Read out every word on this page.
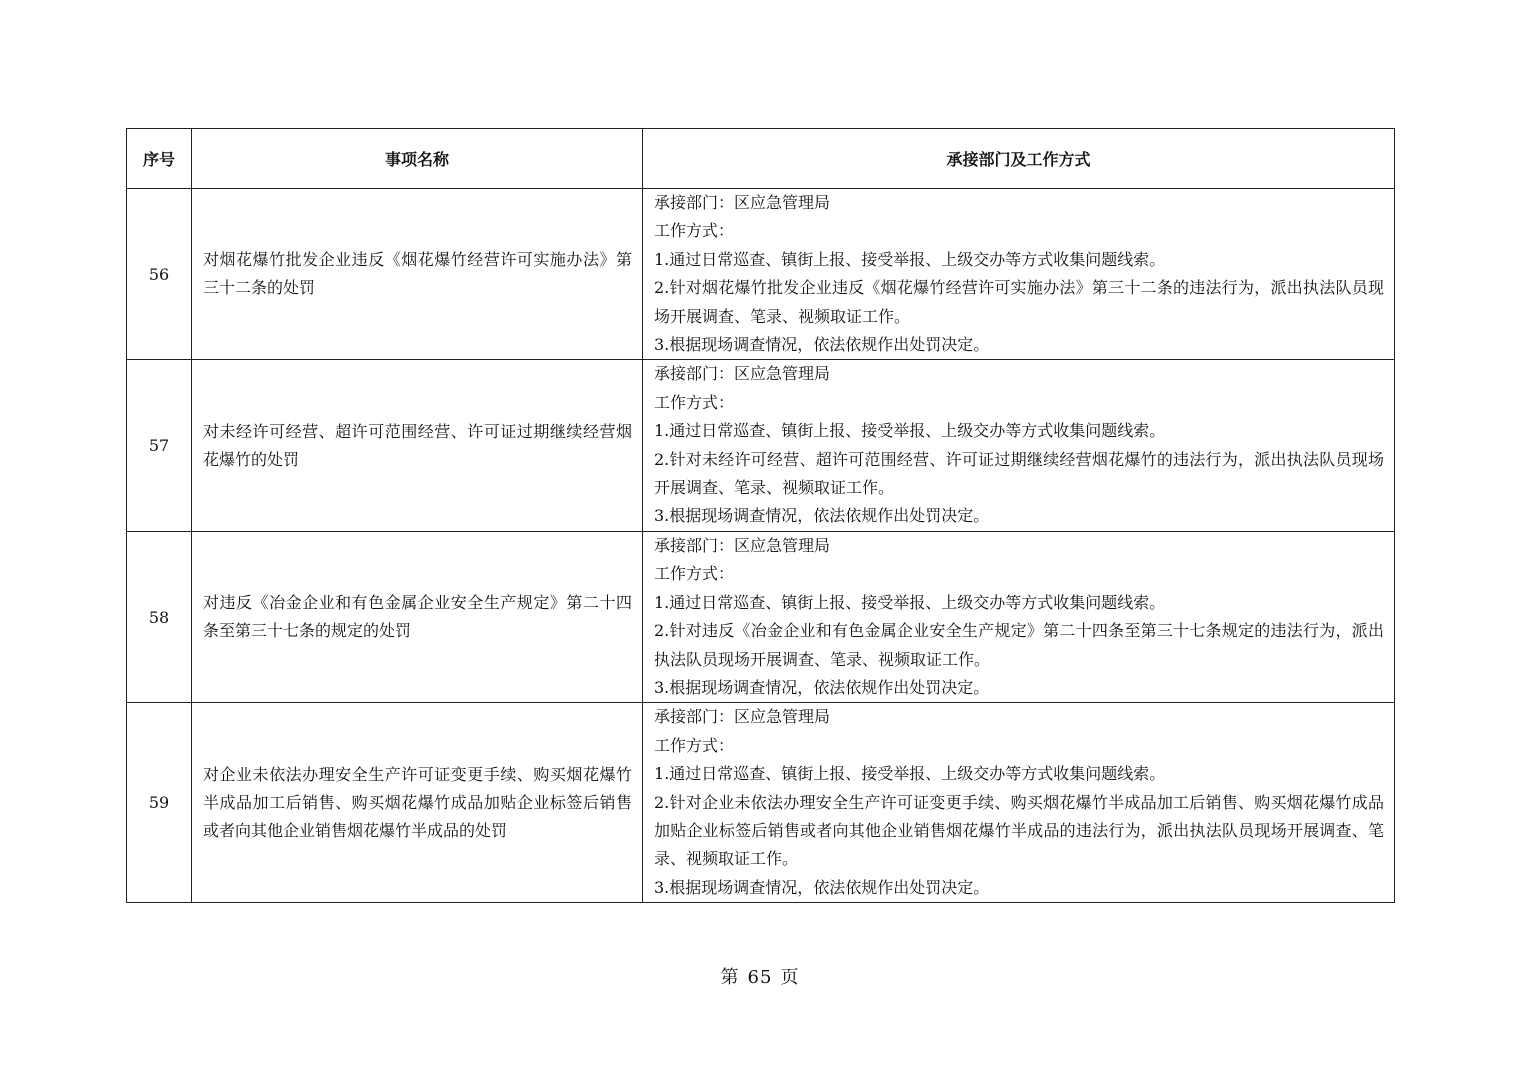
序号	事项名称	承接部门及工作方式
56	对烟花爆竹批发企业违反《烟花爆竹经营许可实施办法》第三十二条的处罚	承接部门：区应急管理局

工作方式：

1.通过日常巡查、镇街上报、接受举报、上级交办等方式收集问题线索。

2.针对烟花爆竹批发企业违反《烟花爆竹经营许可实施办法》第三十二条的违法行为，派出执法队员现场开展调查、笔录、视频取证工作。

3.根据现场调查情况，依法依规作出处罚决定。

57	对未经许可经营、超许可范围经营、许可证过期继续经营烟花爆竹的处罚	承接部门：区应急管理局

工作方式：

1.通过日常巡查、镇街上报、接受举报、上级交办等方式收集问题线索。

2.针对未经许可经营、超许可范围经营、许可证过期继续经营烟花爆竹的违法行为，派出执法队员现场开展调查、笔录、视频取证工作。

3.根据现场调查情况，依法依规作出处罚决定。

58	对违反《冶金企业和有色金属企业安全生产规定》第二十四条至第三十七条的规定的处罚	承接部门：区应急管理局

工作方式：

1.通过日常巡查、镇街上报、接受举报、上级交办等方式收集问题线索。

2.针对违反《冶金企业和有色金属企业安全生产规定》第二十四条至第三十七条规定的违法行为，派出执法队员现场开展调查、笔录、视频取证工作。

3.根据现场调查情况，依法依规作出处罚决定。

59	对企业未依法办理安全生产许可证变更手续、购买烟花爆竹半成品加工后销售、购买烟花爆竹成品加贴企业标签后销售或者向其他企业销售烟花爆竹半成品的处罚	承接部门：区应急管理局

工作方式：

1.通过日常巡查、镇街上报、接受举报、上级交办等方式收集问题线索。

2.针对企业未依法办理安全生产许可证变更手续、购买烟花爆竹半成品加工后销售、购买烟花爆竹成品加贴企业标签后销售或者向其他企业销售烟花爆竹半成品的违法行为，派出执法队员现场开展调查、笔录、视频取证工作。

3.根据现场调查情况，依法依规作出处罚决定。

第 65 页
